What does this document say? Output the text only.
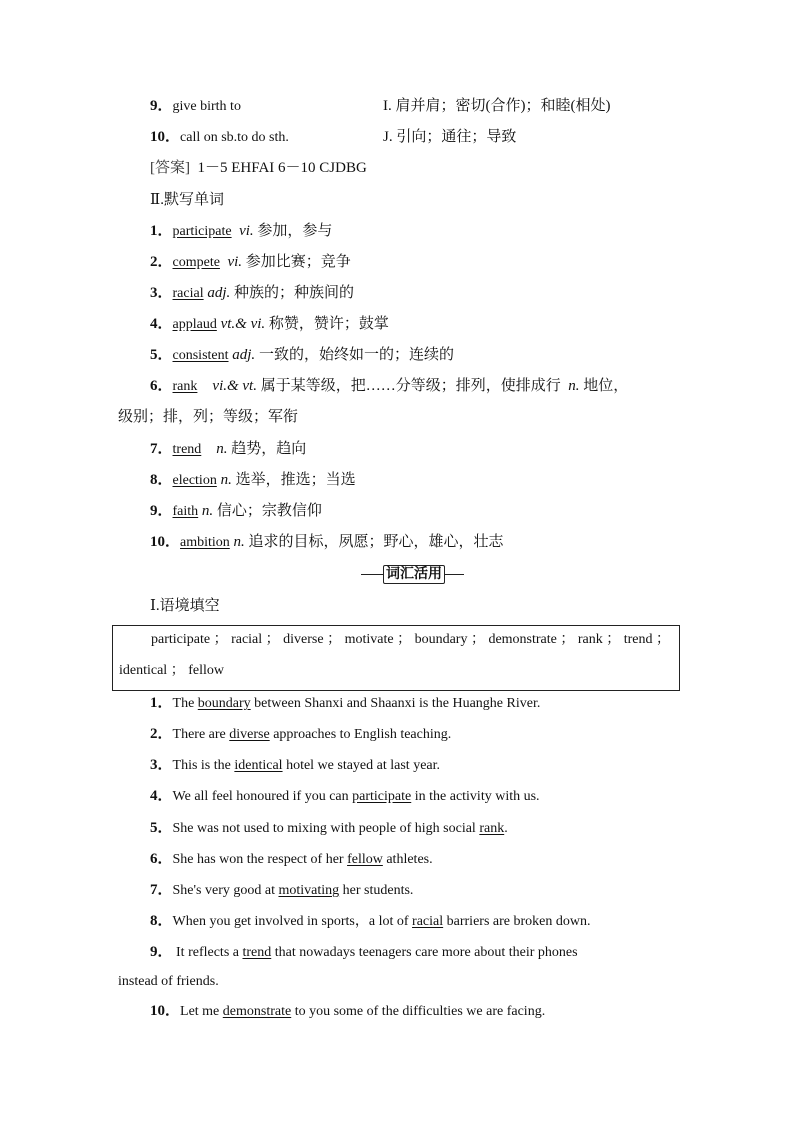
9．give birth to	I. 肩并肩；密切(合作)；和睦(相处)
10．call on sb.to do sth.	J. 引向；通往；导致
[答案] 1－5 EHFAI 6－10 CJDBG
Ⅱ.默写单词
1．participate vi. 参加，参与
2．compete vi. 参加比赛；竞争
3．racial adj. 种族的；种族间的
4．applaud vt.& vi. 称赞，赞许；鼓掌
5．consistent adj. 一致的，始终如一的；连续的
6．rank vi.& vt. 属于某等级，把……分等级；排列，使排成行 n. 地位，
级别；排，列；等级；军衔
7．trend n. 趋势，趋向
8．election n. 选举，推选；当选
9．faith n. 信心；宗教信仰
10．ambition n. 追求的目标，夙愿；野心，雄心，壮志
词汇活用
Ⅰ.语境填空
participate ； racial ； diverse ； motivate ； boundary ； demonstrate ； rank ； trend ；
identical ； fellow
1．The boundary between Shanxi and Shaanxi is the Huanghe River.
2．There are diverse approaches to English teaching.
3．This is the identical hotel we stayed at last year.
4．We all feel honoured if you can participate in the activity with us.
5．She was not used to mixing with people of high social rank.
6．She has won the respect of her fellow athletes.
7．She's very good at motivating her students.
8．When you get involved in sports，a lot of racial barriers are broken down.
9． It reflects a trend that nowadays teenagers care more about their phones
instead of friends.
10．Let me demonstrate to you some of the difficulties we are facing.
